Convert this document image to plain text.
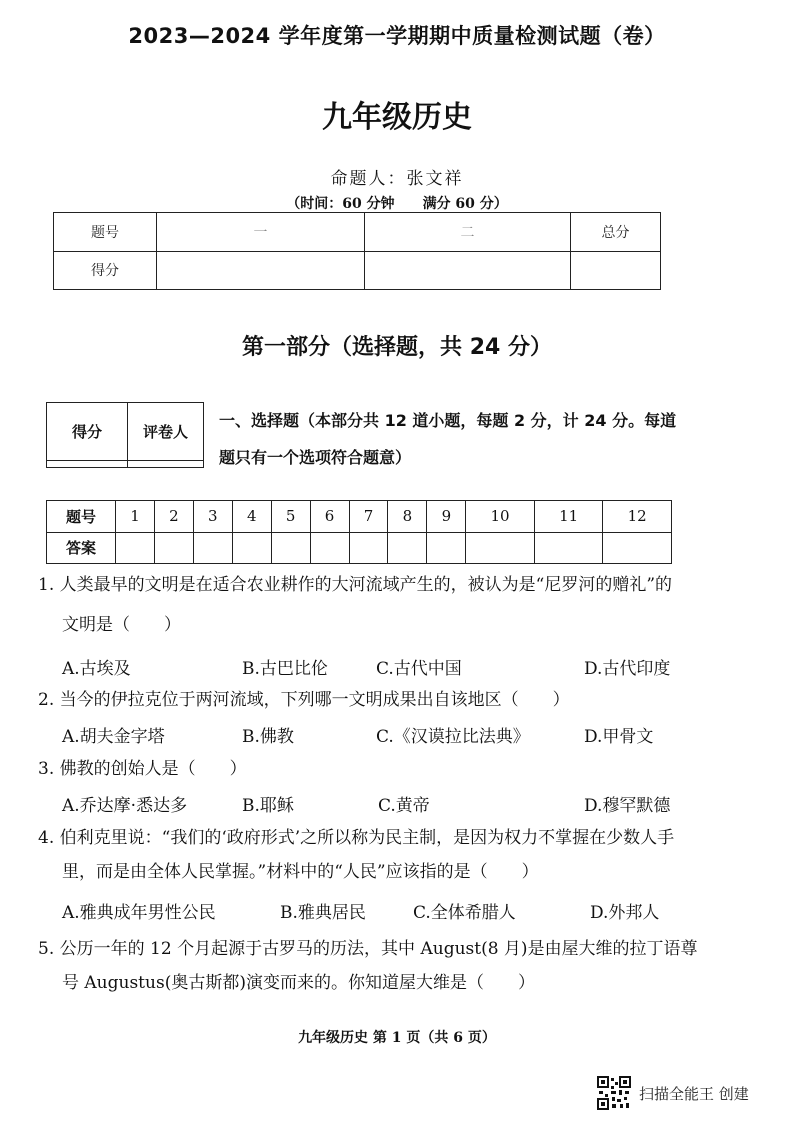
2023—2024 学年度第一学期期中质量检测试题（卷）
九年级历史
命题人：张文祥
（时间：60 分钟 满分 60 分）
题号	一	二	总分
得分			
第一部分（选择题，共 24 分）
得分	评卷人

一、选择题（本部分共 12 道小题，每题 2 分，计 24 分。每道
题只有一个选项符合题意）
题号	1	2	3	4	5	6	7	8	9	10	11	12
答案												
1. 人类最早的文明是在适合农业耕作的大河流域产生的，被认为是“尼罗河的赠礼”的
文明是（　　）
A.古埃及	B.古巴比伦	C.古代中国	D.古代印度
2. 当今的伊拉克位于两河流域，下列哪一文明成果出自该地区（　　）
A.胡夫金字塔	B.佛教	C.《汉谟拉比法典》	D.甲骨文
3. 佛教的创始人是（　　）
A.乔达摩·悉达多	B.耶稣	C.黄帝	D.穆罕默德
4. 伯利克里说：“我们的‘政府形式’之所以称为民主制，是因为权力不掌握在少数人手
里，而是由全体人民掌握。”材料中的“人民”应该指的是（　　）
A.雅典成年男性公民	B.雅典居民	C.全体希腊人	D.外邦人
5. 公历一年的 12 个月起源于古罗马的历法，其中 August(8 月)是由屋大维的拉丁语尊
号 Augustus(奥古斯都)演变而来的。你知道屋大维是（　　）
九年级历史 第 1 页（共 6 页）
扫描全能王 创建
